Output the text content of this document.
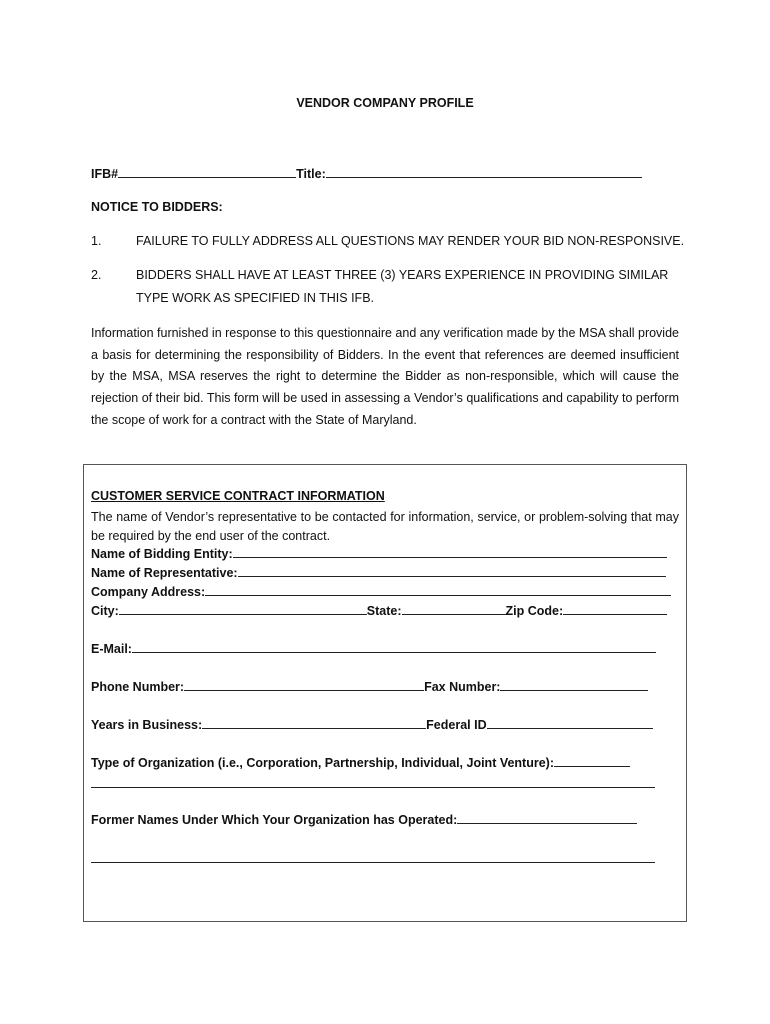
VENDOR COMPANY PROFILE
IFB#	Title:
NOTICE TO BIDDERS:
1.	FAILURE TO FULLY ADDRESS ALL QUESTIONS MAY RENDER YOUR BID NON-RESPONSIVE.
2.	BIDDERS SHALL HAVE AT LEAST THREE (3) YEARS EXPERIENCE IN PROVIDING SIMILAR
TYPE WORK AS SPECIFIED IN THIS IFB.
Information furnished in response to this questionnaire and any verification made by the MSA shall provide a basis for determining the responsibility of Bidders. In the event that references are deemed insufficient by the MSA, MSA reserves the right to determine the Bidder as non-responsible, which will cause the rejection of their bid. This form will be used in assessing a Vendor’s qualifications and capability to perform the scope of work for a contract with the State of Maryland.
CUSTOMER SERVICE CONTRACT INFORMATION
The name of Vendor’s representative to be contacted for information, service, or problem-solving that may be required by the end user of the contract.
Name of Bidding Entity:
Name of Representative:
Company Address:
City:	State:	Zip Code:
E-Mail:
Phone Number:	Fax Number:
Years in Business:	Federal ID
Type of Organization (i.e., Corporation, Partnership, Individual, Joint Venture):
Former Names Under Which Your Organization has Operated:
